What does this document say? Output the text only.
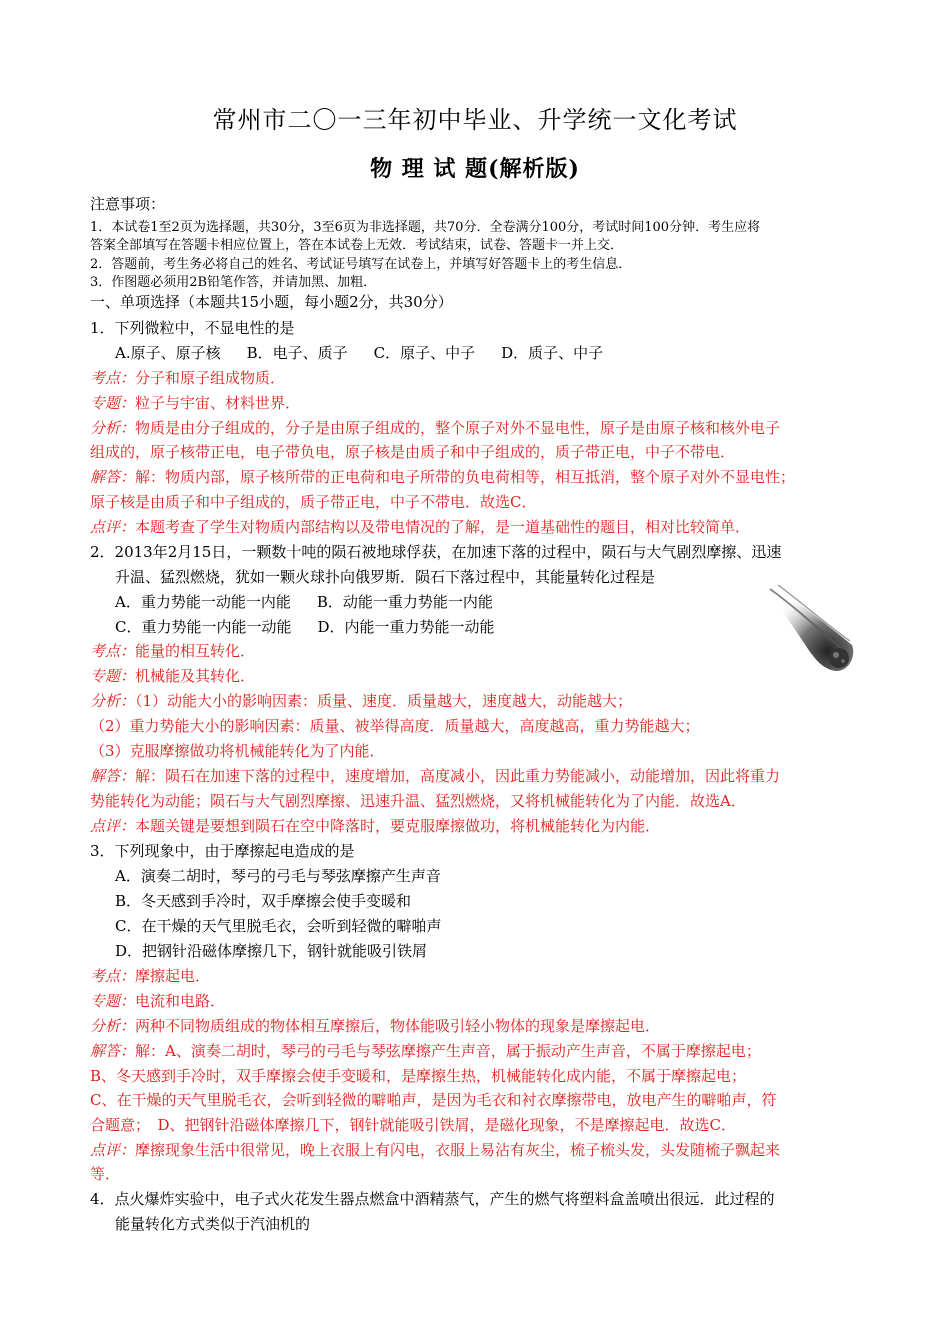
常州市二〇一三年初中毕业、升学统一文化考试
物 理 试 题(解析版)
注意事项：
1．本试卷1至2页为选择题，共30分，3至6页为非选择题，共70分．全卷满分100分，考试时间100分钟．考生应将
答案全部填写在答题卡相应位置上，答在本试卷上无效．考试结束，试卷、答题卡一并上交．
2．答题前，考生务必将自己的姓名、考试证号填写在试卷上，并填写好答题卡上的考生信息．
3．作图题必须用2B铅笔作答，并请加黑、加粗．
一、单项选择（本题共15小题，每小题2分，共30分）
1．下列微粒中，不显电性的是
A.原子、原子核 B．电子、质子 C．原子、中子 D．质子、中子
考点：分子和原子组成物质．
专题：粒子与宇宙、材料世界．
分析：物质是由分子组成的，分子是由原子组成的，整个原子对外不显电性，原子是由原子核和核外电子
组成的，原子核带正电，电子带负电，原子核是由质子和中子组成的，质子带正电，中子不带电．
解答：解：物质内部，原子核所带的正电荷和电子所带的负电荷相等，相互抵消，整个原子对外不显电性；
原子核是由质子和中子组成的，质子带正电，中子不带电．故选C．
点评：本题考查了学生对物质内部结构以及带电情况的了解，是一道基础性的题目，相对比较简单．
2．2013年2月15日，一颗数十吨的陨石被地球俘获，在加速下落的过程中，陨石与大气剧烈摩擦、迅速
升温、猛烈燃烧，犹如一颗火球扑向俄罗斯．陨石下落过程中，其能量转化过程是
A．重力势能一动能一内能 B．动能一重力势能一内能
C．重力势能一内能一动能 D．内能一重力势能一动能
考点：能量的相互转化．
专题：机械能及其转化．
分析：（1）动能大小的影响因素：质量、速度．质量越大，速度越大，动能越大；
（2）重力势能大小的影响因素：质量、被举得高度．质量越大，高度越高，重力势能越大；
（3）克服摩擦做功将机械能转化为了内能．
解答：解：陨石在加速下落的过程中，速度增加，高度减小，因此重力势能减小，动能增加，因此将重力
势能转化为动能；陨石与大气剧烈摩擦、迅速升温、猛烈燃烧，又将机械能转化为了内能．故选A．
点评：本题关键是要想到陨石在空中降落时，要克服摩擦做功，将机械能转化为内能．
3．下列现象中，由于摩擦起电造成的是
A．演奏二胡时，琴弓的弓毛与琴弦摩擦产生声音
B．冬天感到手冷时，双手摩擦会使手变暖和
C．在干燥的天气里脱毛衣，会听到轻微的噼啪声
D．把钢针沿磁体摩擦几下，钢针就能吸引铁屑
考点：摩擦起电．
专题：电流和电路．
分析：两种不同物质组成的物体相互摩擦后，物体能吸引轻小物体的现象是摩擦起电．
解答：解：A、演奏二胡时，琴弓的弓毛与琴弦摩擦产生声音，属于振动产生声音，不属于摩擦起电；
B、冬天感到手冷时，双手摩擦会使手变暖和，是摩擦生热，机械能转化成内能，不属于摩擦起电；
C、在干燥的天气里脱毛衣，会听到轻微的噼啪声，是因为毛衣和衬衣摩擦带电，放电产生的噼啪声，符
合题意；　D、把钢针沿磁体摩擦几下，钢针就能吸引铁屑，是磁化现象，不是摩擦起电．故选C．
点评：摩擦现象生活中很常见，晚上衣服上有闪电，衣服上易沾有灰尘，梳子梳头发，头发随梳子飘起来
等．
4．点火爆炸实验中，电子式火花发生器点燃盒中酒精蒸气，产生的燃气将塑料盒盖喷出很远．此过程的
能量转化方式类似于汽油机的
